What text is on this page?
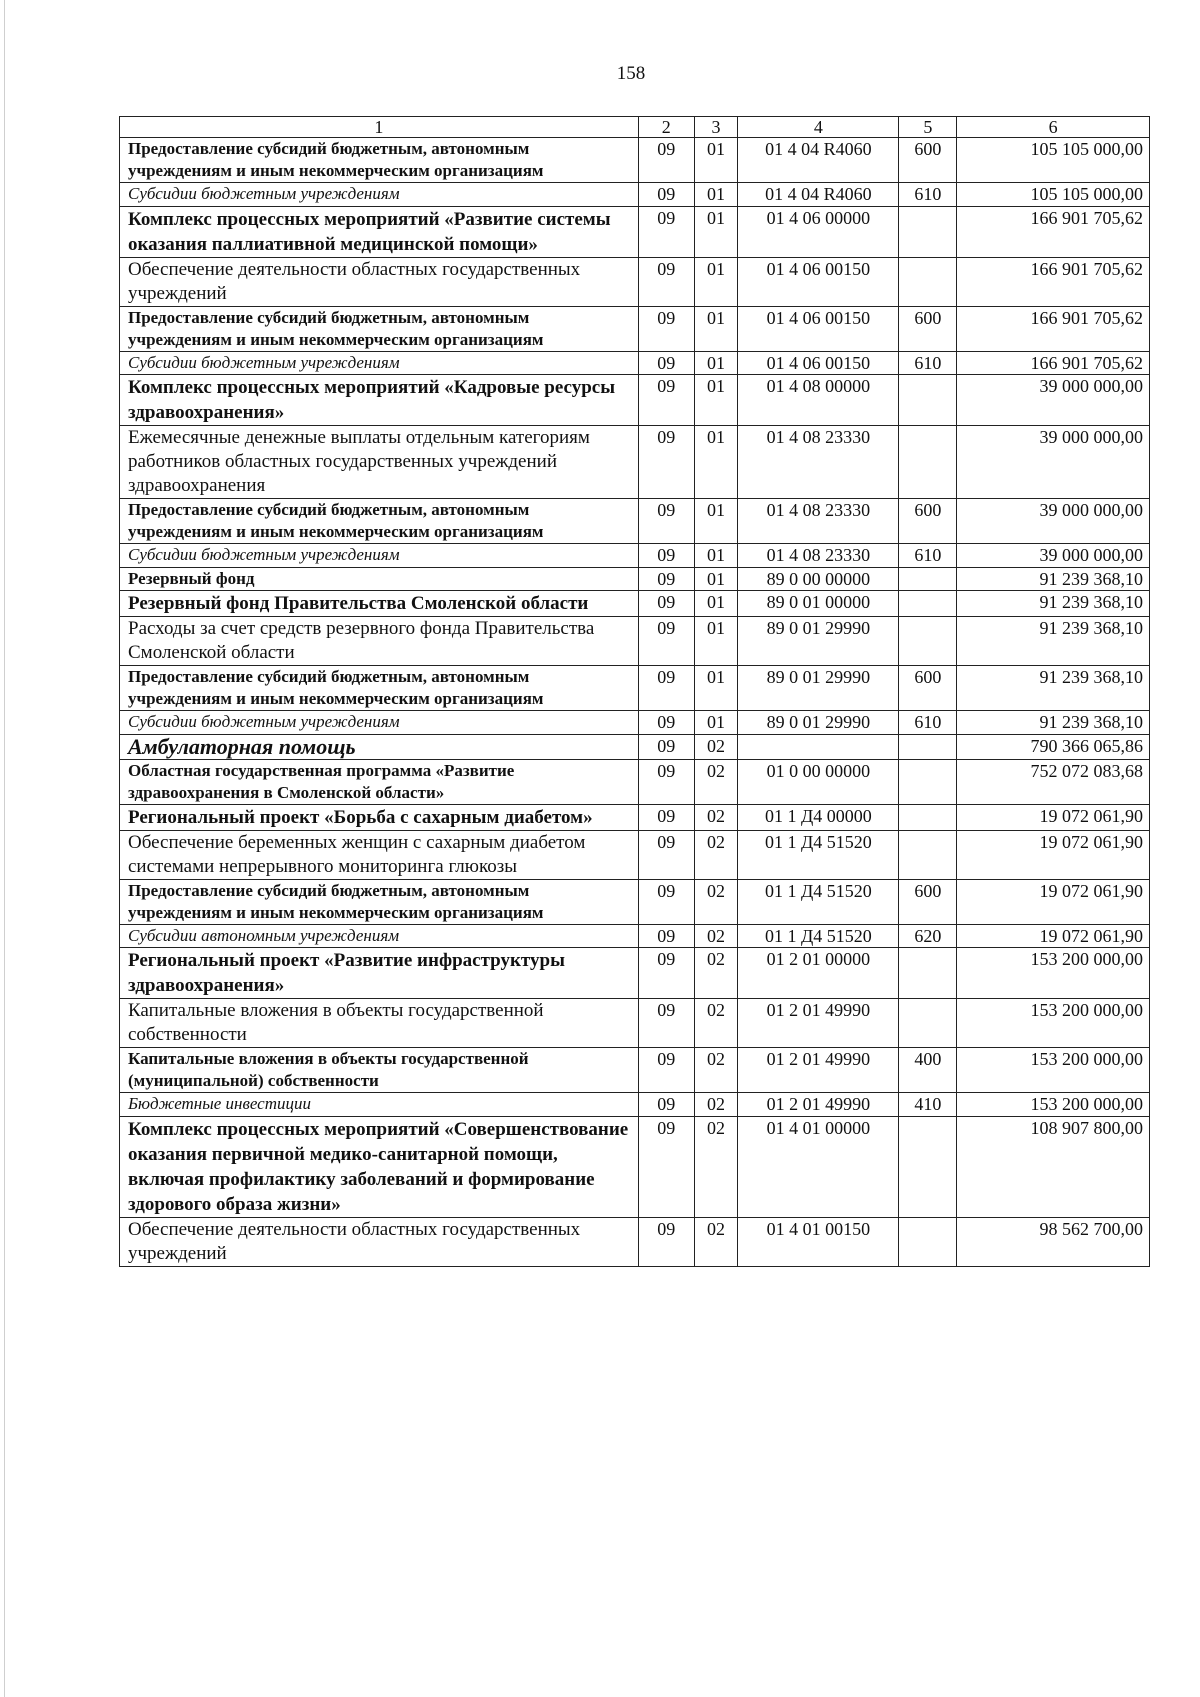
158
1	2	3	4	5	6
Предоставление субсидий бюджетным, автономным учреждениям и иным некоммерческим организациям	09	01	01 4 04 R4060	600	105 105 000,00
Субсидии бюджетным учреждениям	09	01	01 4 04 R4060	610	105 105 000,00
Комплекс процессных мероприятий «Развитие системы оказания паллиативной медицинской помощи»	09	01	01 4 06 00000		166 901 705,62
Обеспечение деятельности областных государственных учреждений	09	01	01 4 06 00150		166 901 705,62
Предоставление субсидий бюджетным, автономным учреждениям и иным некоммерческим организациям	09	01	01 4 06 00150	600	166 901 705,62
Субсидии бюджетным учреждениям	09	01	01 4 06 00150	610	166 901 705,62
Комплекс процессных мероприятий «Кадровые ресурсы здравоохранения»	09	01	01 4 08 00000		39 000 000,00
Ежемесячные денежные выплаты отдельным категориям работников областных государственных учреждений здравоохранения	09	01	01 4 08 23330		39 000 000,00
Предоставление субсидий бюджетным, автономным учреждениям и иным некоммерческим организациям	09	01	01 4 08 23330	600	39 000 000,00
Субсидии бюджетным учреждениям	09	01	01 4 08 23330	610	39 000 000,00
Резервный фонд	09	01	89 0 00 00000		91 239 368,10
Резервный фонд Правительства Смоленской области	09	01	89 0 01 00000		91 239 368,10
Расходы за счет средств резервного фонда Правительства Смоленской области	09	01	89 0 01 29990		91 239 368,10
Предоставление субсидий бюджетным, автономным учреждениям и иным некоммерческим организациям	09	01	89 0 01 29990	600	91 239 368,10
Субсидии бюджетным учреждениям	09	01	89 0 01 29990	610	91 239 368,10
Амбулаторная помощь	09	02			790 366 065,86
Областная государственная программа «Развитие здравоохранения в Смоленской области»	09	02	01 0 00 00000		752 072 083,68
Региональный проект «Борьба с сахарным диабетом»	09	02	01 1 Д4 00000		19 072 061,90
Обеспечение беременных женщин с сахарным диабетом системами непрерывного мониторинга глюкозы	09	02	01 1 Д4 51520		19 072 061,90
Предоставление субсидий бюджетным, автономным учреждениям и иным некоммерческим организациям	09	02	01 1 Д4 51520	600	19 072 061,90
Субсидии автономным учреждениям	09	02	01 1 Д4 51520	620	19 072 061,90
Региональный проект «Развитие инфраструктуры здравоохранения»	09	02	01 2 01 00000		153 200 000,00
Капитальные вложения в объекты государственной собственности	09	02	01 2 01 49990		153 200 000,00
Капитальные вложения в объекты государственной (муниципальной) собственности	09	02	01 2 01 49990	400	153 200 000,00
Бюджетные инвестиции	09	02	01 2 01 49990	410	153 200 000,00
Комплекс процессных мероприятий «Совершенствование оказания первичной медико-санитарной помощи, включая профилактику заболеваний и формирование здорового образа жизни»	09	02	01 4 01 00000		108 907 800,00
Обеспечение деятельности областных государственных учреждений	09	02	01 4 01 00150		98 562 700,00
